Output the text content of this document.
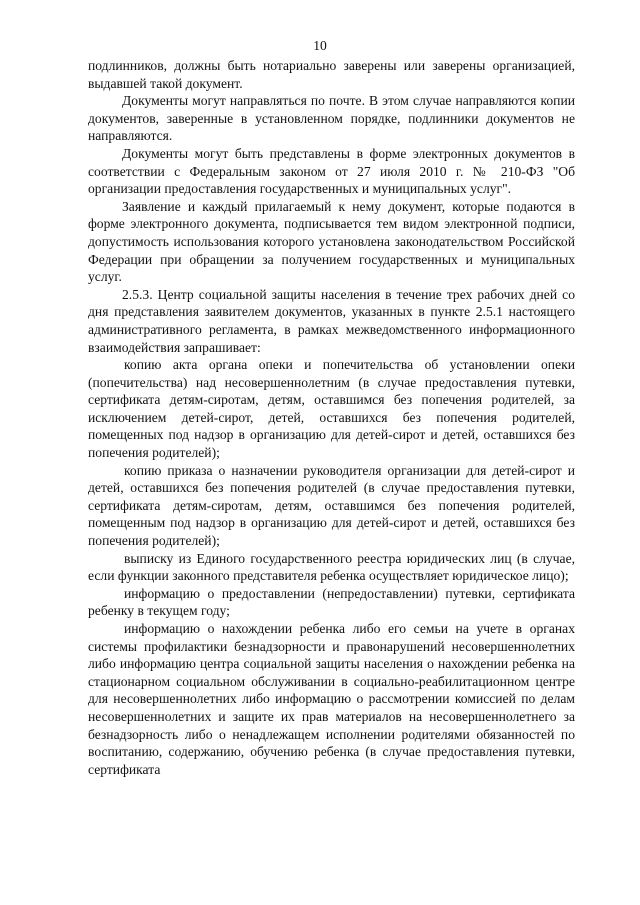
10

подлинников, должны быть нотариально заверены или заверены организацией, выдавшей такой документ.

Документы могут направляться по почте. В этом случае направляются копии документов, заверенные в установленном порядке, подлинники документов не направляются.

Документы могут быть представлены в форме электронных документов в соответствии с Федеральным законом от 27 июля 2010 г. № 210-ФЗ "Об организации предоставления государственных и муниципальных услуг".

Заявление и каждый прилагаемый к нему документ, которые подаются в форме электронного документа, подписывается тем видом электронной подписи, допустимость использования которого установлена законодательством Российской Федерации при обращении за получением государственных и муниципальных услуг.

2.5.3. Центр социальной защиты населения в течение трех рабочих дней со дня представления заявителем документов, указанных в пункте 2.5.1 настоящего административного регламента, в рамках межведомственного информационного взаимодействия запрашивает:

копию акта органа опеки и попечительства об установлении опеки (попечительства) над несовершеннолетним (в случае предоставления путевки, сертификата детям-сиротам, детям, оставшимся без попечения родителей, за исключением детей-сирот, детей, оставшихся без попечения родителей, помещенных под надзор в организацию для детей-сирот и детей, оставшихся без попечения родителей);

копию приказа о назначении руководителя организации для детей-сирот и детей, оставшихся без попечения родителей (в случае предоставления путевки, сертификата детям-сиротам, детям, оставшимся без попечения родителей, помещенным под надзор в организацию для детей-сирот и детей, оставшихся без попечения родителей);

выписку из Единого государственного реестра юридических лиц (в случае, если функции законного представителя ребенка осуществляет юридическое лицо);

информацию о предоставлении (непредоставлении) путевки, сертификата ребенку в текущем году;

информацию о нахождении ребенка либо его семьи на учете в органах системы профилактики безнадзорности и правонарушений несовершеннолетних либо информацию центра социальной защиты населения о нахождении ребенка на стационарном социальном обслуживании в социально-реабилитационном центре для несовершеннолетних либо информацию о рассмотрении комиссией по делам несовершеннолетних и защите их прав материалов на несовершеннолетнего за безнадзорность либо о ненадлежащем исполнении родителями обязанностей по воспитанию, содержанию, обучению ребенка (в случае предоставления путевки, сертификата
